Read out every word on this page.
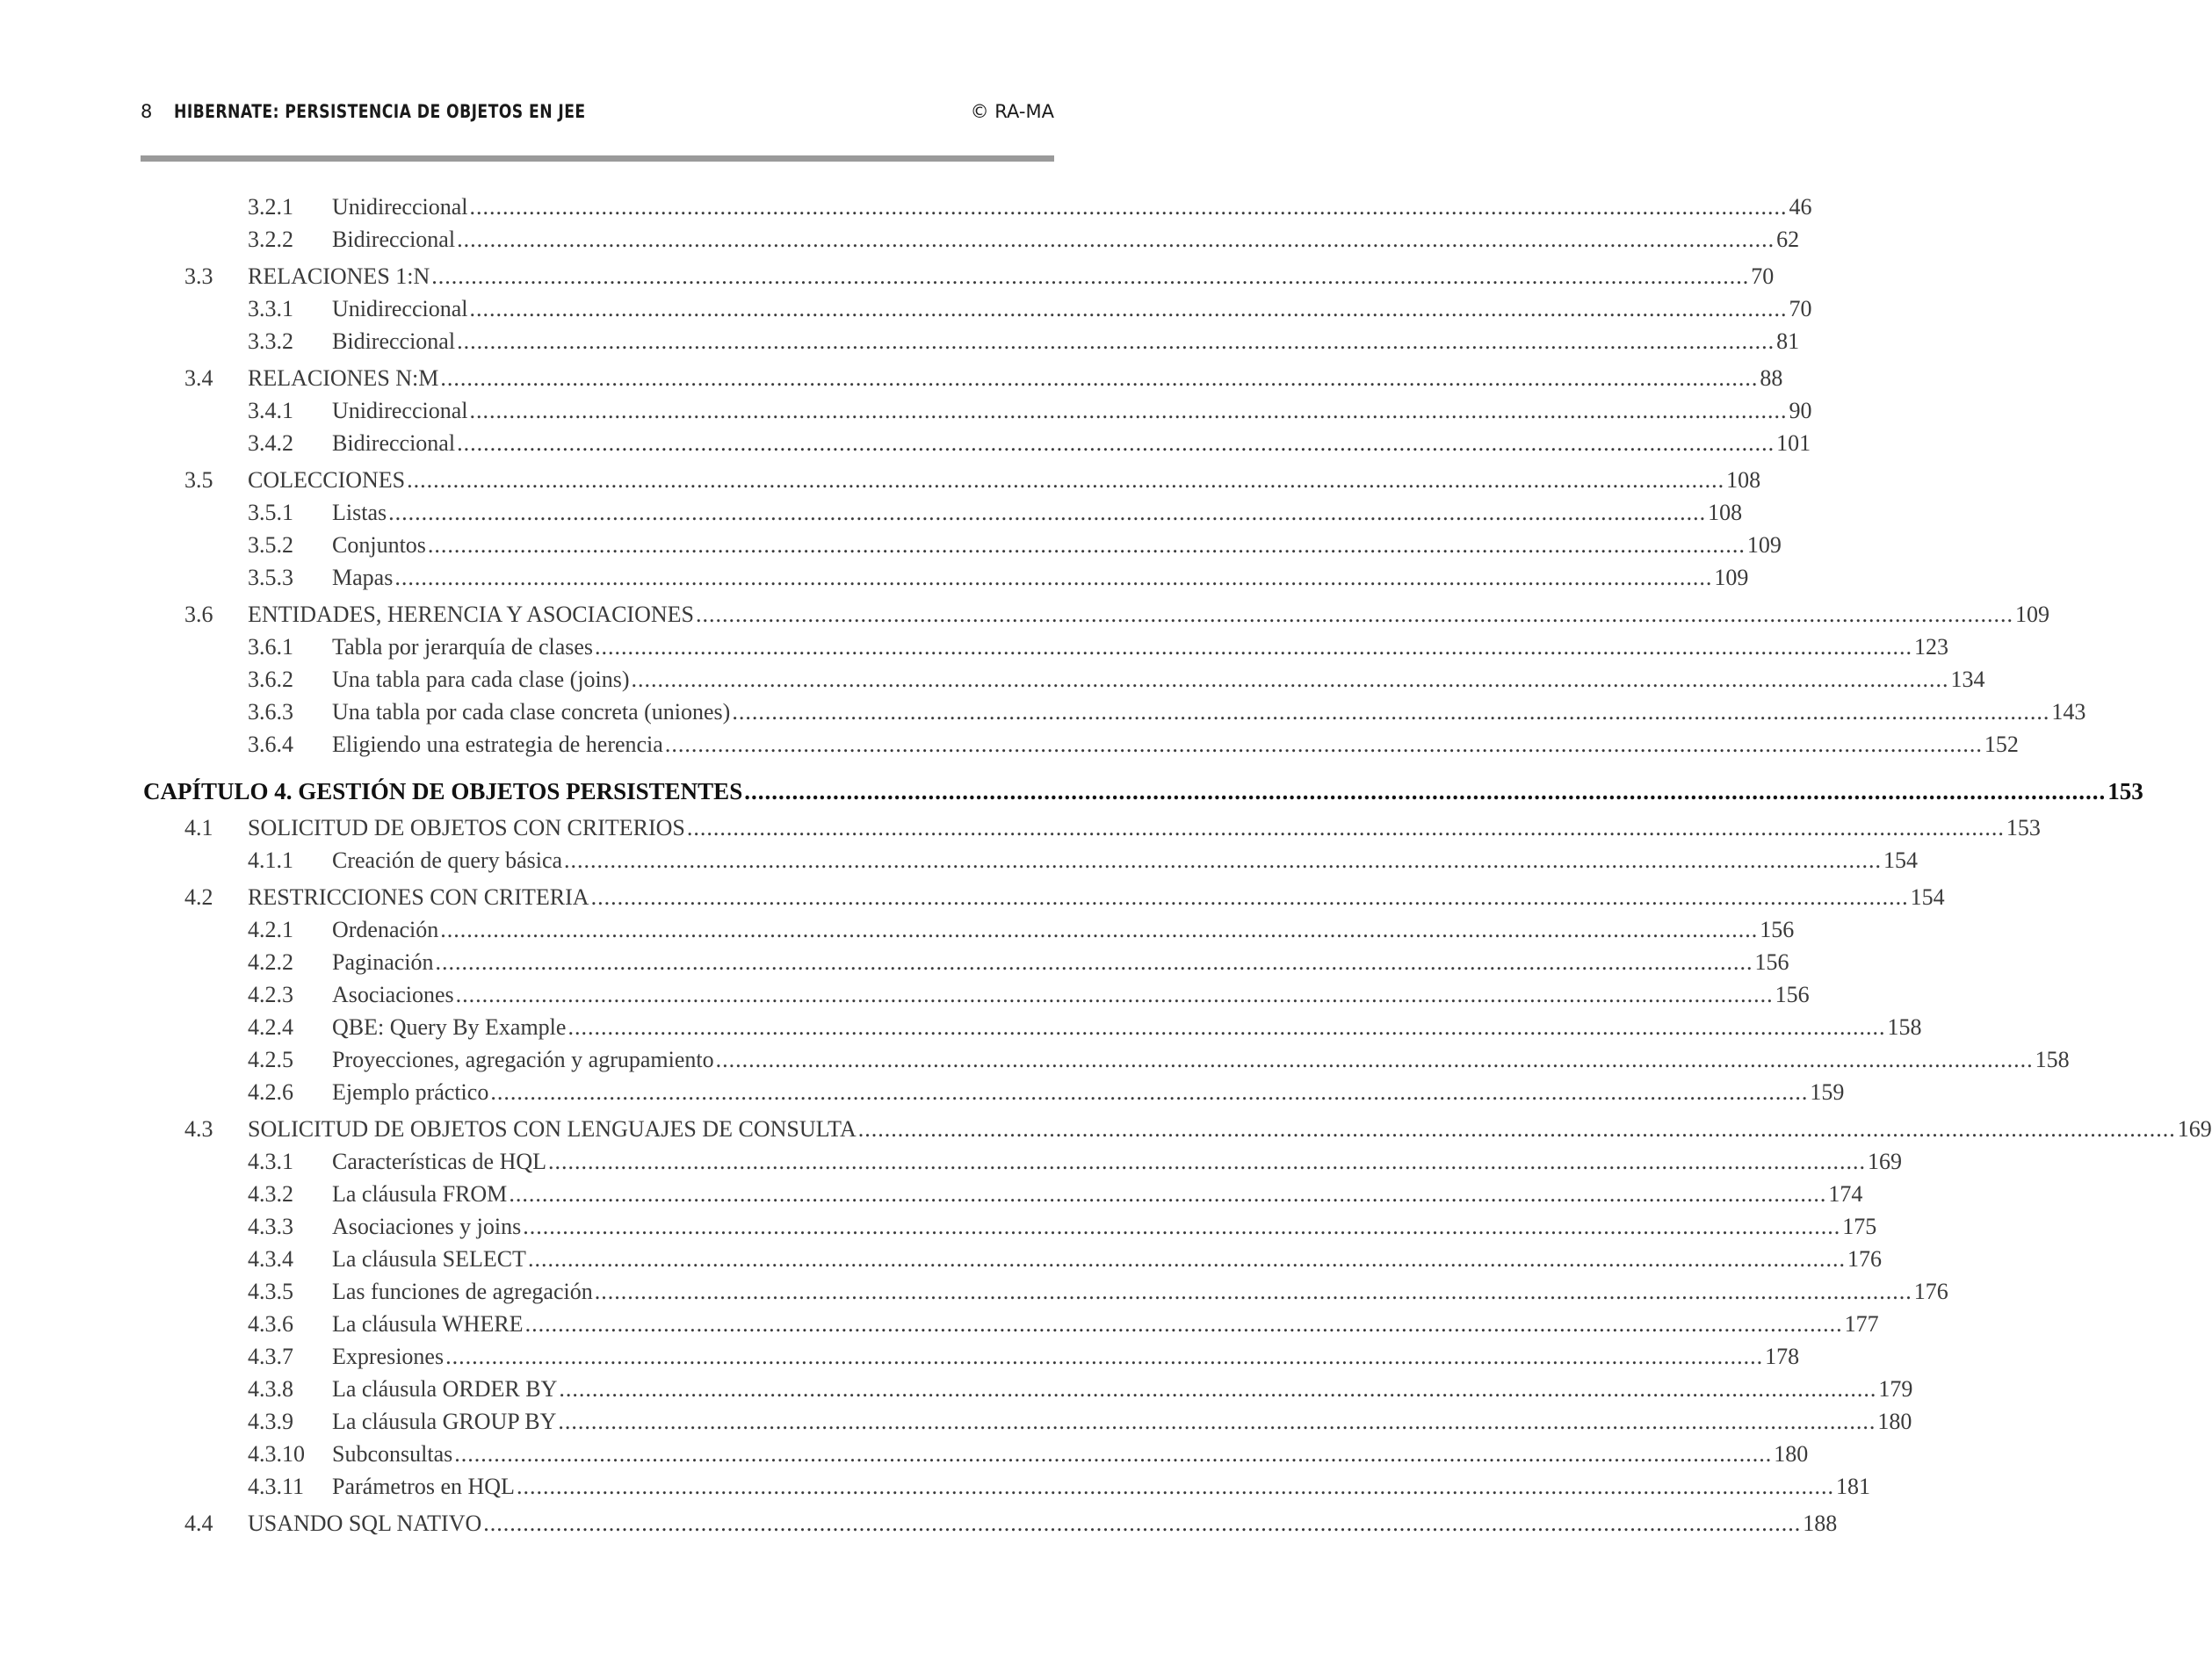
8 HIBERNATE: PERSISTENCIA DE OBJETOS EN JEE	© RA-MA
3.2.1 Unidireccional ........................................................................................................................................................................................................ 46
3.2.2 Bidireccional ........................................................................................................................................................................................................ 62
3.3 RELACIONES 1:N ........................................................................................................................................................................................................ 70
3.3.1 Unidireccional ........................................................................................................................................................................................................ 70
3.3.2 Bidireccional ........................................................................................................................................................................................................ 81
3.4 RELACIONES N:M ........................................................................................................................................................................................................ 88
3.4.1 Unidireccional ........................................................................................................................................................................................................ 90
3.4.2 Bidireccional ........................................................................................................................................................................................................ 101
3.5 COLECCIONES ........................................................................................................................................................................................................ 108
3.5.1 Listas ........................................................................................................................................................................................................ 108
3.5.2 Conjuntos ........................................................................................................................................................................................................ 109
3.5.3 Mapas ........................................................................................................................................................................................................ 109
3.6 ENTIDADES, HERENCIA Y ASOCIACIONES ........................................................................................................................................................................................................ 109
3.6.1 Tabla por jerarquía de clases ........................................................................................................................................................................................................ 123
3.6.2 Una tabla para cada clase (joins) ........................................................................................................................................................................................................ 134
3.6.3 Una tabla por cada clase concreta (uniones) ........................................................................................................................................................................................................ 143
3.6.4 Eligiendo una estrategia de herencia ........................................................................................................................................................................................................ 152
CAPÍTULO 4. GESTIÓN DE OBJETOS PERSISTENTES ........................................................................................................................................................................................................ 153
4.1 SOLICITUD DE OBJETOS CON CRITERIOS ........................................................................................................................................................................................................ 153
4.1.1 Creación de query básica ........................................................................................................................................................................................................ 154
4.2 RESTRICCIONES CON CRITERIA ........................................................................................................................................................................................................ 154
4.2.1 Ordenación ........................................................................................................................................................................................................ 156
4.2.2 Paginación ........................................................................................................................................................................................................ 156
4.2.3 Asociaciones ........................................................................................................................................................................................................ 156
4.2.4 QBE: Query By Example ........................................................................................................................................................................................................ 158
4.2.5 Proyecciones, agregación y agrupamiento ........................................................................................................................................................................................................ 158
4.2.6 Ejemplo práctico ........................................................................................................................................................................................................ 159
4.3 SOLICITUD DE OBJETOS CON LENGUAJES DE CONSULTA ........................................................................................................................................................................................................ 169
4.3.1 Características de HQL ........................................................................................................................................................................................................ 169
4.3.2 La cláusula FROM ........................................................................................................................................................................................................ 174
4.3.3 Asociaciones y joins ........................................................................................................................................................................................................ 175
4.3.4 La cláusula SELECT ........................................................................................................................................................................................................ 176
4.3.5 Las funciones de agregación ........................................................................................................................................................................................................ 176
4.3.6 La cláusula WHERE ........................................................................................................................................................................................................ 177
4.3.7 Expresiones ........................................................................................................................................................................................................ 178
4.3.8 La cláusula ORDER BY ........................................................................................................................................................................................................ 179
4.3.9 La cláusula GROUP BY ........................................................................................................................................................................................................ 180
4.3.10 Subconsultas ........................................................................................................................................................................................................ 180
4.3.11 Parámetros en HQL ........................................................................................................................................................................................................ 181
4.4 USANDO SQL NATIVO ........................................................................................................................................................................................................ 188
